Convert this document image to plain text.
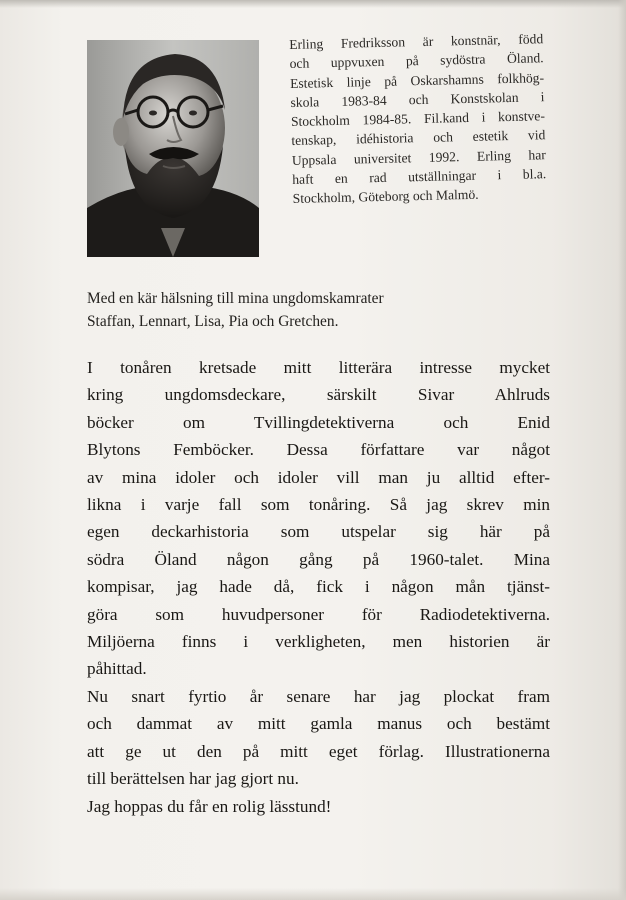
Erling Fredriksson är konstnär, född
och uppvuxen på sydöstra Öland.
Estetisk linje på Oskarshamns folkhög-
skola 1983-84 och Konstskolan i
Stockholm 1984-85. Fil.kand i konstve-
tenskap, idéhistoria och estetik vid
Uppsala universitet 1992. Erling har
haft en rad utställningar i bl.a.
Stockholm, Göteborg och Malmö.
Med en kär hälsning till mina ungdomskamrater
Staffan, Lennart, Lisa, Pia och Gretchen.
I tonåren kretsade mitt litterära intresse mycket
kring ungdomsdeckare, särskilt Sivar Ahlruds
böcker om Tvillingdetektiverna och Enid
Blytons Femböcker. Dessa författare var något
av mina idoler och idoler vill man ju alltid efter-
likna i varje fall som tonåring. Så jag skrev min
egen deckarhistoria som utspelar sig här på
södra Öland någon gång på 1960-talet. Mina
kompisar, jag hade då, fick i någon mån tjänst-
göra som huvudpersoner för Radiodetektiverna.
Miljöerna finns i verkligheten, men historien är
påhittad.
Nu snart fyrtio år senare har jag plockat fram
och dammat av mitt gamla manus och bestämt
att ge ut den på mitt eget förlag. Illustrationerna
till berättelsen har jag gjort nu.
Jag hoppas du får en rolig lässtund!
